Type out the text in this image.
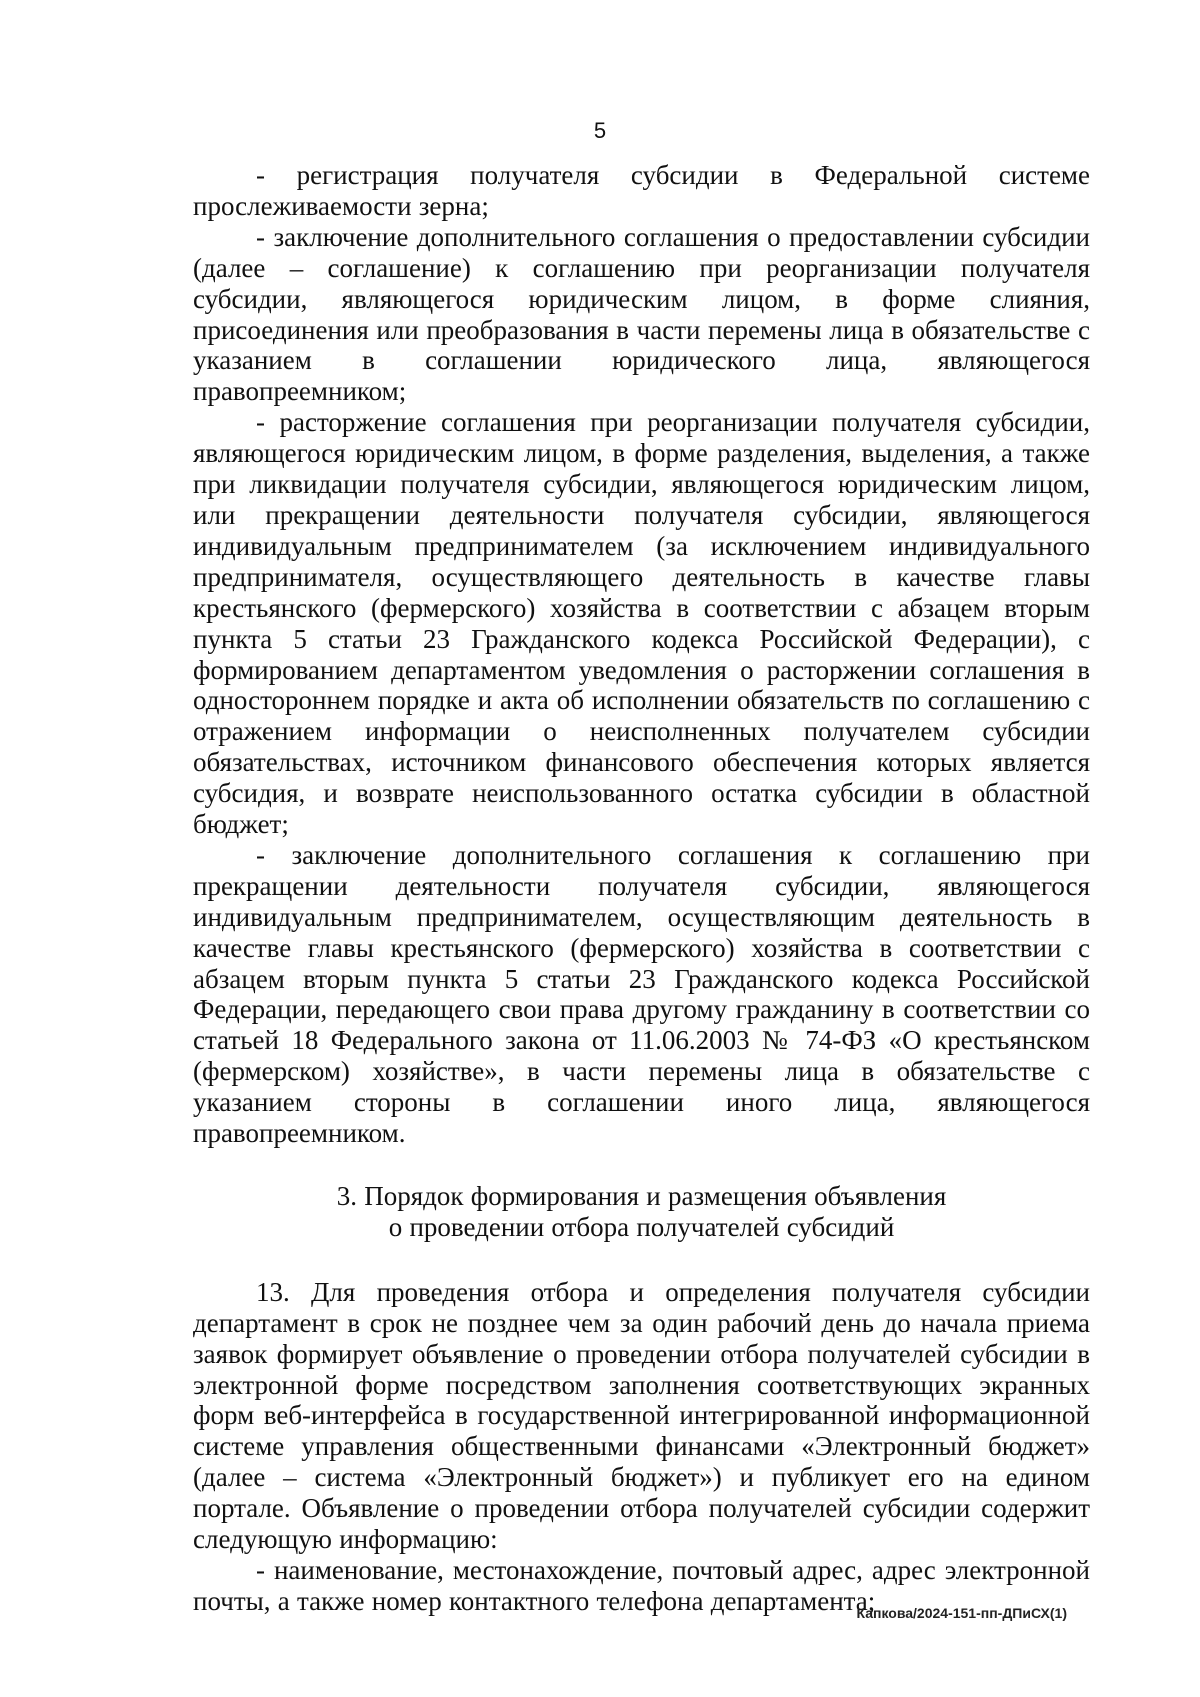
5

- регистрация получателя субсидии в Федеральной системе прослеживаемости зерна;

- заключение дополнительного соглашения о предоставлении субсидии (далее – соглашение) к соглашению при реорганизации получателя субсидии, являющегося юридическим лицом, в форме слияния, присоединения или преобразования в части перемены лица в обязательстве с указанием в соглашении юридического лица, являющегося правопреемником;

- расторжение соглашения при реорганизации получателя субсидии, являющегося юридическим лицом, в форме разделения, выделения, а также при ликвидации получателя субсидии, являющегося юридическим лицом, или прекращении деятельности получателя субсидии, являющегося индивидуальным предпринимателем (за исключением индивидуального предпринимателя, осуществляющего деятельность в качестве главы крестьянского (фермерского) хозяйства в соответствии с абзацем вторым пункта 5 статьи 23 Гражданского кодекса Российской Федерации), с формированием департаментом уведомления о расторжении соглашения в одностороннем порядке и акта об исполнении обязательств по соглашению с отражением информации о неисполненных получателем субсидии обязательствах, источником финансового обеспечения которых является субсидия, и возврате неиспользованного остатка субсидии в областной бюджет;

- заключение дополнительного соглашения к соглашению при прекращении деятельности получателя субсидии, являющегося индивидуальным предпринимателем, осуществляющим деятельность в качестве главы крестьянского (фермерского) хозяйства в соответствии с абзацем вторым пункта 5 статьи 23 Гражданского кодекса Российской Федерации, передающего свои права другому гражданину в соответствии со статьей 18 Федерального закона от 11.06.2003 № 74-ФЗ «О крестьянском (фермерском) хозяйстве», в части перемены лица в обязательстве с указанием стороны в соглашении иного лица, являющегося правопреемником.

3. Порядок формирования и размещения объявления
о проведении отбора получателей субсидий

13. Для проведения отбора и определения получателя субсидии департамент в срок не позднее чем за один рабочий день до начала приема заявок формирует объявление о проведении отбора получателей субсидии в электронной форме посредством заполнения соответствующих экранных форм веб-интерфейса в государственной интегрированной информационной системе управления общественными финансами «Электронный бюджет» (далее – система «Электронный бюджет») и публикует его на едином портале. Объявление о проведении отбора получателей субсидии содержит следующую информацию:

- наименование, местонахождение, почтовый адрес, адрес электронной почты, а также номер контактного телефона департамента;

Капкова/2024-151-пп-ДПиСХ(1)
